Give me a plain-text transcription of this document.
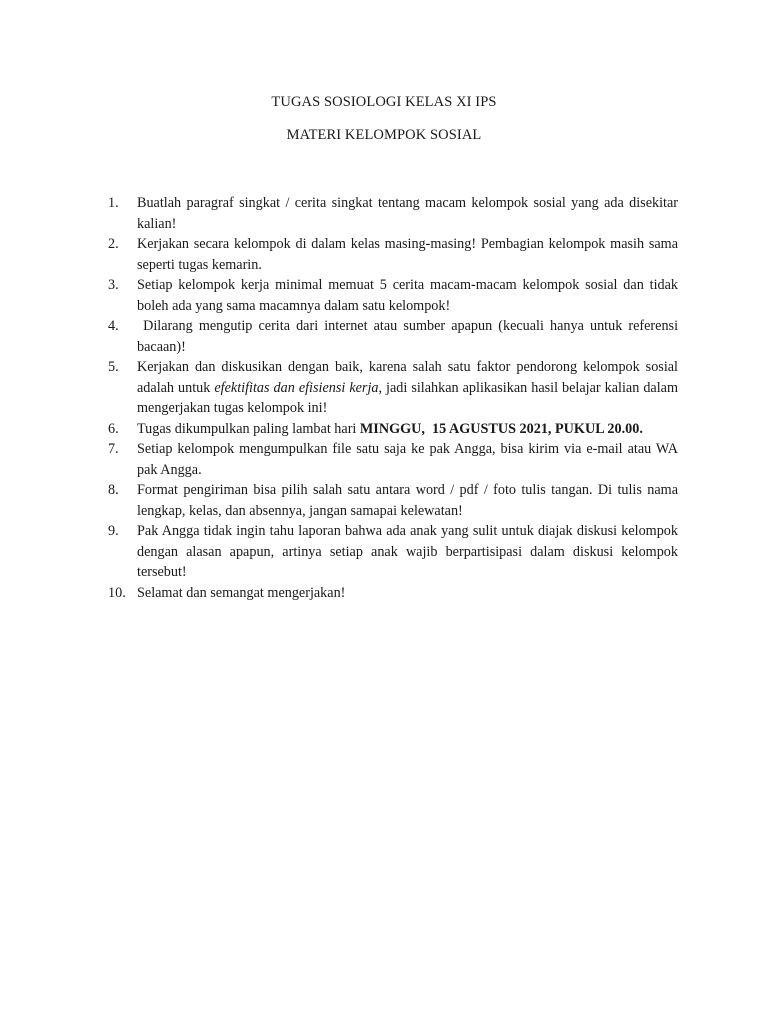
TUGAS SOSIOLOGI KELAS XI IPS
MATERI KELOMPOK SOSIAL
1.	Buatlah paragraf singkat / cerita singkat tentang macam kelompok sosial yang ada disekitar kalian!
2.	Kerjakan secara kelompok di dalam kelas masing-masing! Pembagian kelompok masih sama seperti tugas kemarin.
3.	Setiap kelompok kerja minimal memuat 5 cerita macam-macam kelompok sosial dan tidak boleh ada yang sama macamnya dalam satu kelompok!
4.	Dilarang mengutip cerita dari internet atau sumber apapun (kecuali hanya untuk referensi bacaan)!
5.	Kerjakan dan diskusikan dengan baik, karena salah satu faktor pendorong kelompok sosial adalah untuk efektifitas dan efisiensi kerja, jadi silahkan aplikasikan hasil belajar kalian dalam mengerjakan tugas kelompok ini!
6.	Tugas dikumpulkan paling lambat hari MINGGU,  15 AGUSTUS 2021, PUKUL 20.00.
7.	Setiap kelompok mengumpulkan file satu saja ke pak Angga, bisa kirim via e-mail atau WA pak Angga.
8.	Format pengiriman bisa pilih salah satu antara word / pdf / foto tulis tangan. Di tulis nama lengkap, kelas, dan absennya, jangan samapai kelewatan!
9.	Pak Angga tidak ingin tahu laporan bahwa ada anak yang sulit untuk diajak diskusi kelompok dengan alasan apapun, artinya setiap anak wajib berpartisipasi dalam diskusi kelompok tersebut!
10. Selamat dan semangat mengerjakan!
